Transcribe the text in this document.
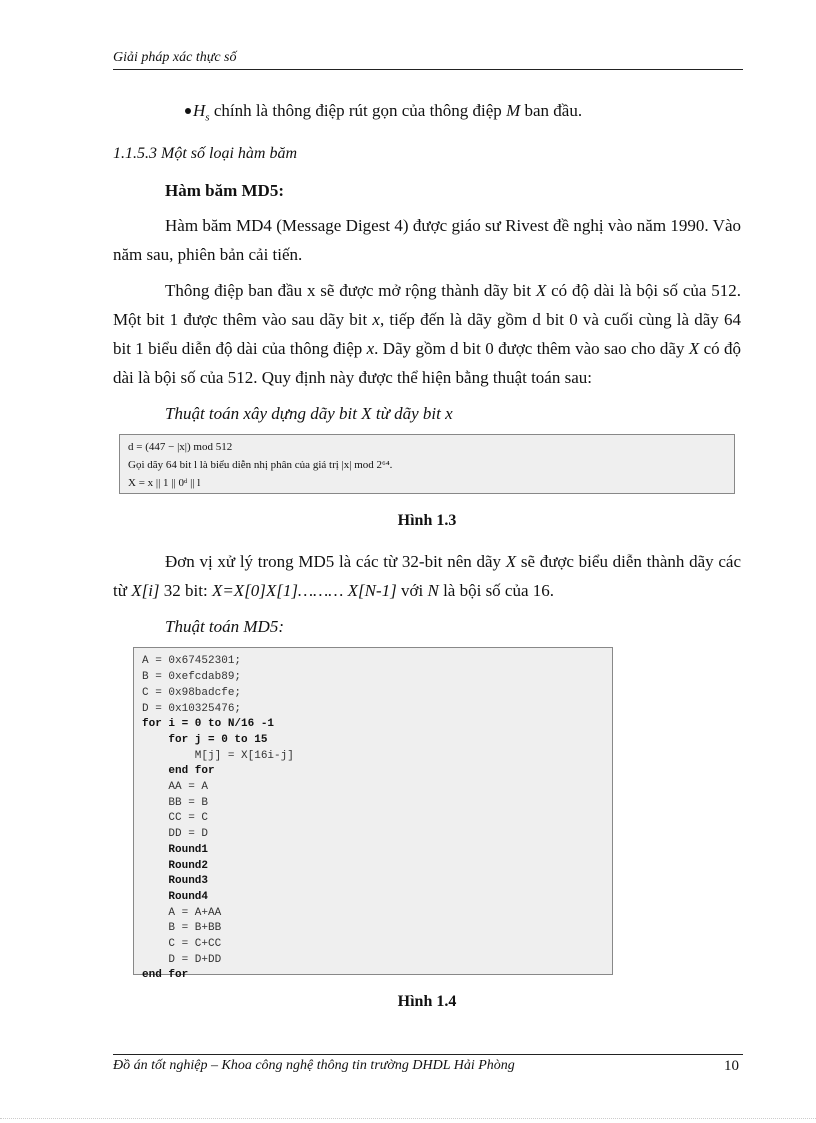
Giải pháp xác thực số

$H_s$ chính là thông điệp rút gọn của thông điệp M ban đầu.

1.1.5.3 Một số loại hàm băm
Hàm băm MD5:

Hàm băm MD4 (Message Digest 4) được giáo sư Rivest đề nghị vào năm 1990. Vào năm sau, phiên bản cải tiến.

Thông điệp ban đầu x sẽ được mở rộng thành dãy bit X có độ dài là bội số của 512. Một bit 1 được thêm vào sau dãy bit x, tiếp đến là dãy gồm d bit 0 và cuối cùng là dãy 64 bit 1 biểu diễn độ dài của thông điệp x. Dãy gồm d bit 0 được thêm vào sao cho dãy X có độ dài là bội số của 512. Quy định này được thể hiện bằng thuật toán sau:

Thuật toán xây dựng dãy bit X từ dãy bit x
d = (447 − |x|) mod 512
Gọi dãy 64 bit l là biểu diễn nhị phân của giá trị |x| mod 2⁶⁴.
X = x || 1 || 0ᵈ || l
Hình 1.3

Đơn vị xử lý trong MD5 là các từ 32-bit nên dãy X sẽ được biểu diễn thành dãy các từ X[i] 32 bit: X=X[0]X[1]……… X[N-1] với N là bội số của 16.

Thuật toán MD5:
A = 0x67452301;
B = 0xefcdab89;
C = 0x98badcfe;
D = 0x10325476;
for i = 0 to N/16 -1
for j = 0 to 15
M[j] = X[16i-j]
end for
AA = A
BB = B
CC = C
DD = D
Round1
Round2
Round3
Round4
A = A+AA
B = B+BB
C = C+CC
D = D+DD
end for
Hình 1.4
Đồ án tốt nghiệp – Khoa công nghệ thông tin trường DHDL Hải Phòng	10
